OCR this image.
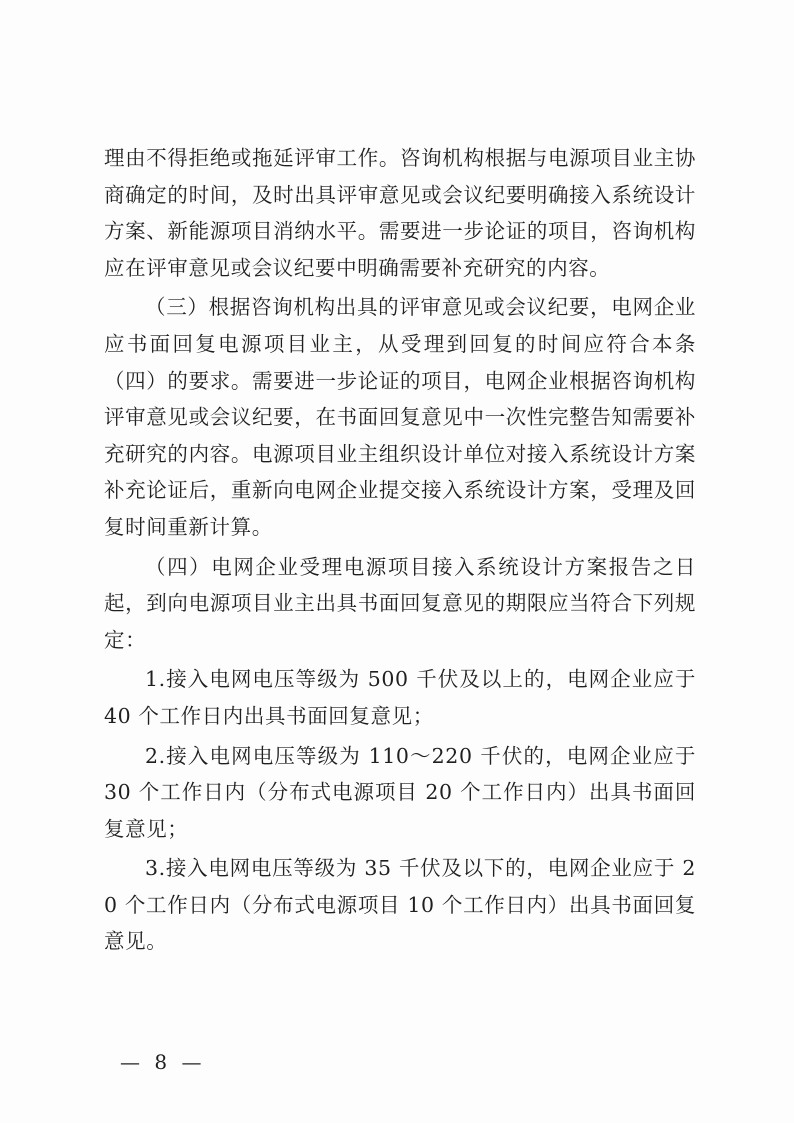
理由不得拒绝或拖延评审工作。咨询机构根据与电源项目业主协商确定的时间，及时出具评审意见或会议纪要明确接入系统设计方案、新能源项目消纳水平。需要进一步论证的项目，咨询机构应在评审意见或会议纪要中明确需要补充研究的内容。

（三）根据咨询机构出具的评审意见或会议纪要，电网企业应书面回复电源项目业主，从受理到回复的时间应符合本条（四）的要求。需要进一步论证的项目，电网企业根据咨询机构评审意见或会议纪要，在书面回复意见中一次性完整告知需要补充研究的内容。电源项目业主组织设计单位对接入系统设计方案补充论证后，重新向电网企业提交接入系统设计方案，受理及回复时间重新计算。

（四）电网企业受理电源项目接入系统设计方案报告之日起，到向电源项目业主出具书面回复意见的期限应当符合下列规定：

1.接入电网电压等级为 500 千伏及以上的，电网企业应于 40 个工作日内出具书面回复意见；

2.接入电网电压等级为 110～220 千伏的，电网企业应于 30 个工作日内（分布式电源项目 20 个工作日内）出具书面回复意见；

3.接入电网电压等级为 35 千伏及以下的，电网企业应于 20 个工作日内（分布式电源项目 10 个工作日内）出具书面回复意见。

— 8 —
